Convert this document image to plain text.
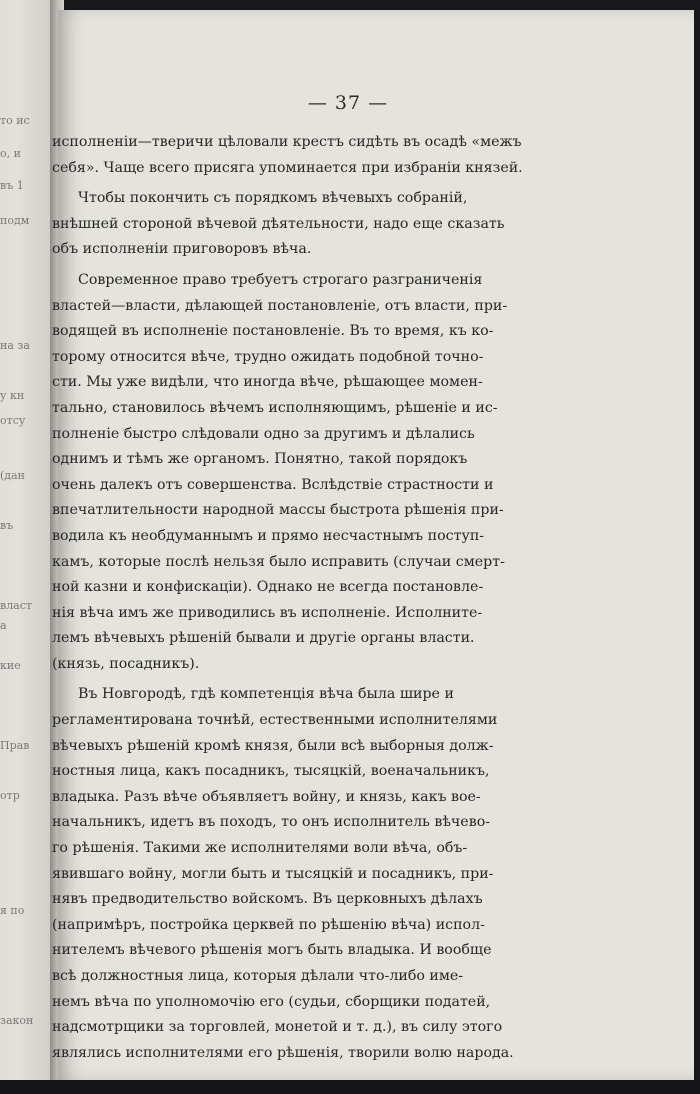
то ис
о, и
въ 1
подм
на за
у кн
отсу
(дан
въ
власт
а
кие
Прав
отр
я по
закон
— 37 —
исполненіи—тверичи цѣловали крестъ сидѣть въ осадѣ «межъ
себя». Чаще всего присяга упоминается при избраніи князей.
Чтобы покончить съ порядкомъ вѣчевыхъ собраній,
внѣшней стороной вѣчевой дѣятельности, надо еще сказать
объ исполненіи приговоровъ вѣча.
Современное право требуетъ строгаго разграниченія
властей—власти, дѣлающей постановленіе, отъ власти, при-
водящей въ исполненіе постановленіе. Въ то время, къ ко-
торому относится вѣче, трудно ожидать подобной точно-
сти. Мы уже видѣли, что иногда вѣче, рѣшающее момен-
тально, становилось вѣчемъ исполняющимъ, рѣшеніе и ис-
полненіе быстро слѣдовали одно за другимъ и дѣлались
однимъ и тѣмъ же органомъ. Понятно, такой порядокъ
очень далекъ отъ совершенства. Вслѣдствіе страстности и
впечатлительности народной массы быстрота рѣшенія при-
водила къ необдуманнымъ и прямо несчастнымъ поступ-
камъ, которые послѣ нельзя было исправить (случаи смерт-
ной казни и конфискаціи). Однако не всегда постановле-
нія вѣча имъ же приводились въ исполненіе. Исполните-
лемъ вѣчевыхъ рѣшеній бывали и другіе органы власти.
(князь, посадникъ).
Въ Новгородѣ, гдѣ компетенція вѣча была шире и
регламентирована точнѣй, естественными исполнителями
вѣчевыхъ рѣшеній кромѣ князя, были всѣ выборныя долж-
ностныя лица, какъ посадникъ, тысяцкій, военачальникъ,
владыка. Разъ вѣче объявляетъ войну, и князь, какъ вое-
начальникъ, идетъ въ походъ, то онъ исполнитель вѣчево-
го рѣшенія. Такими же исполнителями воли вѣча, объ-
явившаго войну, могли быть и тысяцкій и посадникъ, при-
нявъ предводительство войскомъ. Въ церковныхъ дѣлахъ
(напримѣръ, постройка церквей по рѣшенію вѣча) испол-
нителемъ вѣчевого рѣшенія могъ быть владыка. И вообще
всѣ должностныя лица, которыя дѣлали что-либо име-
немъ вѣча по уполномочію его (судьи, сборщики податей,
надсмотрщики за торговлей, монетой и т. д.), въ силу этого
являлись исполнителями его рѣшенія, творили волю народа.
